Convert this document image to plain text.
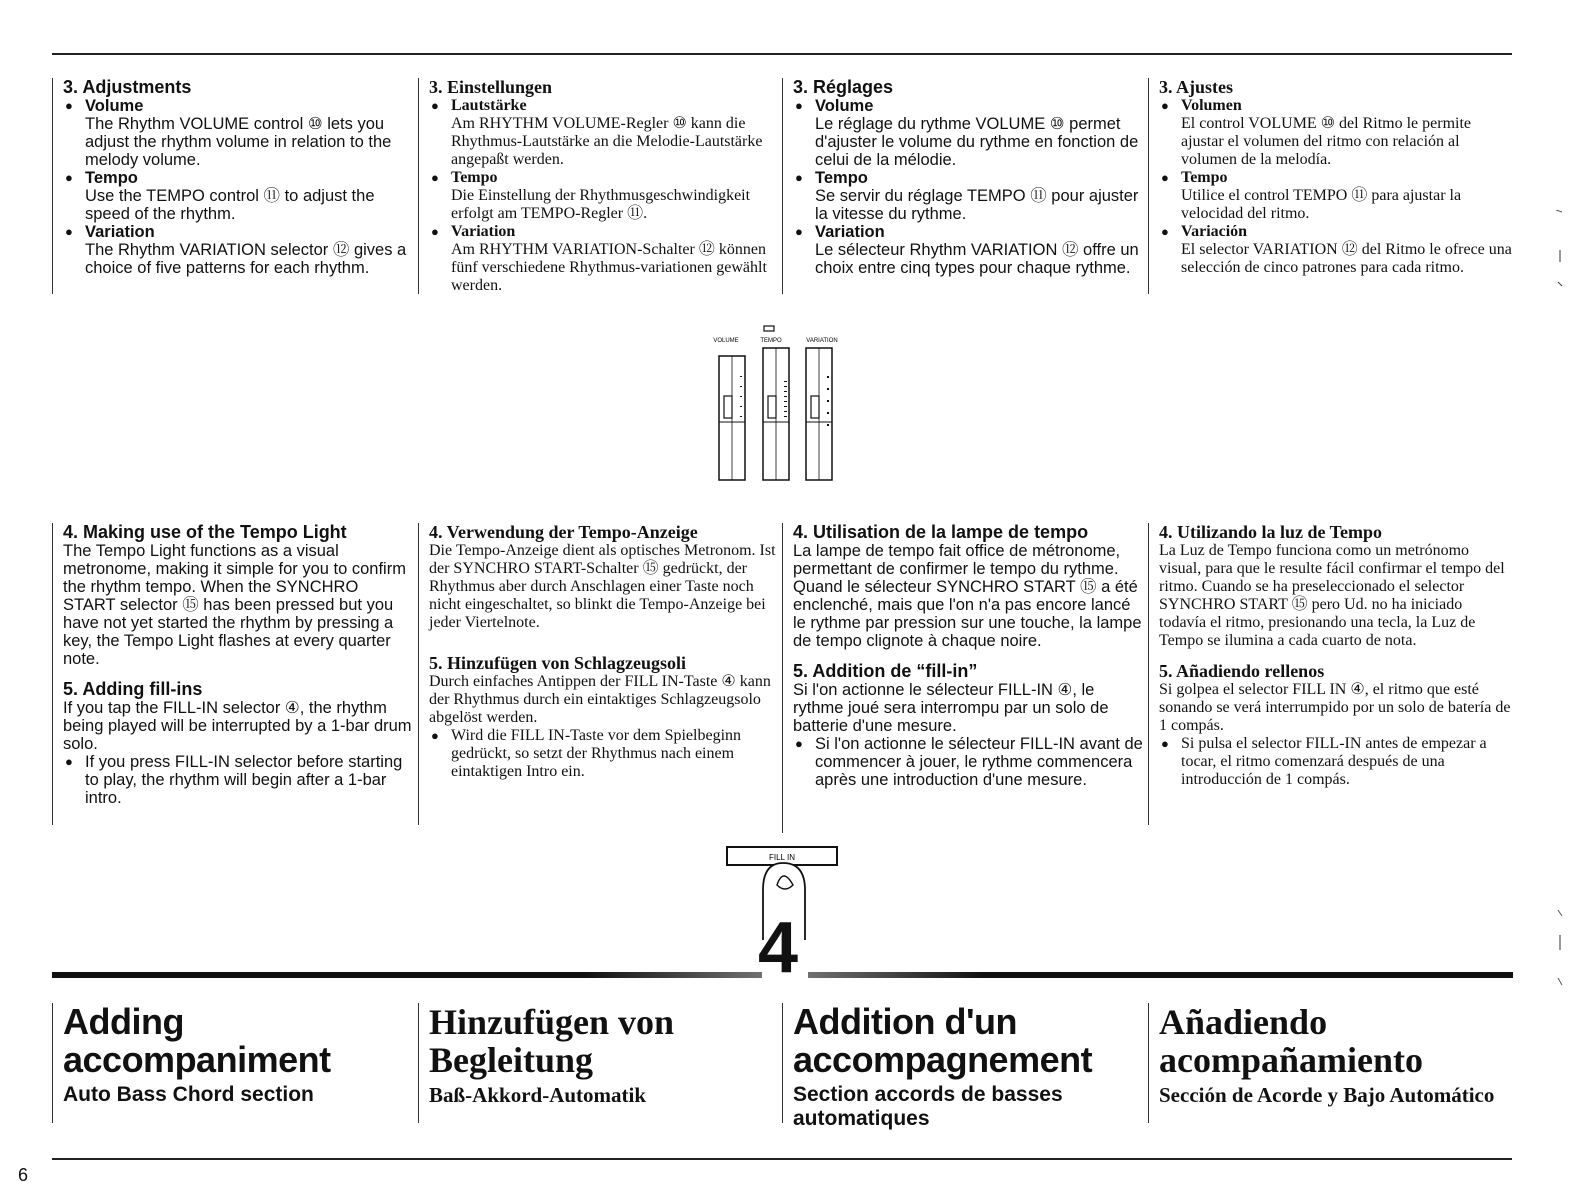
3. Adjustments
● Volume

The Rhythm VOLUME control ⑩ lets you adjust the rhythm volume in relation to the melody volume.

● Tempo

Use the TEMPO control ⑪ to adjust the speed of the rhythm.

● Variation

The Rhythm VARIATION selector ⑫ gives a choice of five patterns for each rhythm.

3. Einstellungen
● Lautstärke

Am RHYTHM VOLUME-Regler ⑩ kann die Rhythmus-Lautstärke an die Melodie-Lautstärke angepaßt werden.

● Tempo

Die Einstellung der Rhythmusgeschwindigkeit erfolgt am TEMPO-Regler ⑪.

● Variation

Am RHYTHM VARIATION-Schalter ⑫ können fünf verschiedene Rhythmus-variationen gewählt werden.

3. Réglages
● Volume

Le réglage du rythme VOLUME ⑩ permet d'ajuster le volume du rythme en fonction de celui de la mélodie.

● Tempo

Se servir du réglage TEMPO ⑪ pour ajuster la vitesse du rythme.

● Variation

Le sélecteur Rhythm VARIATION ⑫ offre un choix entre cinq types pour chaque rythme.

3. Ajustes
● Volumen

El control VOLUME ⑩ del Ritmo le permite ajustar el volumen del ritmo con relación al volumen de la melodía.

● Tempo

Utilice el control TEMPO ⑪ para ajustar la velocidad del ritmo.

● Variación

El selector VARIATION ⑫ del Ritmo le ofrece una selección de cinco patrones para cada ritmo.

VOLUME	TEMPO	VARIATION
4. Making use of the Tempo Light

The Tempo Light functions as a visual metronome, making it simple for you to confirm the rhythm tempo. When the SYNCHRO START selector ⑮ has been pressed but you have not yet started the rhythm by pressing a key, the Tempo Light flashes at every quarter note.

5. Adding fill-ins

If you tap the FILL-IN selector ④, the rhythm being played will be interrupted by a 1-bar drum solo.

● If you press FILL-IN selector before starting to play, the rhythm will begin after a 1-bar intro.

4. Verwendung der Tempo-Anzeige

Die Tempo-Anzeige dient als optisches Metronom. Ist der SYNCHRO START-Schalter ⑮ gedrückt, der Rhythmus aber durch Anschlagen einer Taste noch nicht eingeschaltet, so blinkt die Tempo-Anzeige bei jeder Viertelnote.

5. Hinzufügen von Schlagzeugsoli

Durch einfaches Antippen der FILL IN-Taste ④ kann der Rhythmus durch ein eintaktiges Schlagzeugsolo abgelöst werden.

● Wird die FILL IN-Taste vor dem Spielbeginn gedrückt, so setzt der Rhythmus nach einem eintaktigen Intro ein.

4. Utilisation de la lampe de tempo

La lampe de tempo fait office de métronome, permettant de confirmer le tempo du rythme. Quand le sélecteur SYNCHRO START ⑮ a été enclenché, mais que l'on n'a pas encore lancé le rythme par pression sur une touche, la lampe de tempo clignote à chaque noire.

5. Addition de “fill-in”

Si l'on actionne le sélecteur FILL-IN ④, le rythme joué sera interrompu par un solo de batterie d'une mesure.

● Si l'on actionne le sélecteur FILL-IN avant de commencer à jouer, le rythme commencera après une introduction d'une mesure.

4. Utilizando la luz de Tempo

La Luz de Tempo funciona como un metrónomo visual, para que le resulte fácil confirmar el tempo del ritmo. Cuando se ha preseleccionado el selector SYNCHRO START ⑮ pero Ud. no ha iniciado todavía el ritmo, presionando una tecla, la Luz de Tempo se ilumina a cada cuarto de nota.

5. Añadiendo rellenos

Si golpea el selector FILL IN ④, el ritmo que esté sonando se verá interrumpido por un solo de batería de 1 compás.

● Si pulsa el selector FILL-IN antes de empezar a tocar, el ritmo comenzará después de una introducción de 1 compás.

FILL IN
4
Adding
accompaniment
Auto Bass Chord section
Hinzufügen von
Begleitung
Baß-Akkord-Automatik
Addition d'un
accompagnement
Section accords de basses automatiques
Añadiendo
acompañamiento
Sección de Acorde y Bajo Automático
6
